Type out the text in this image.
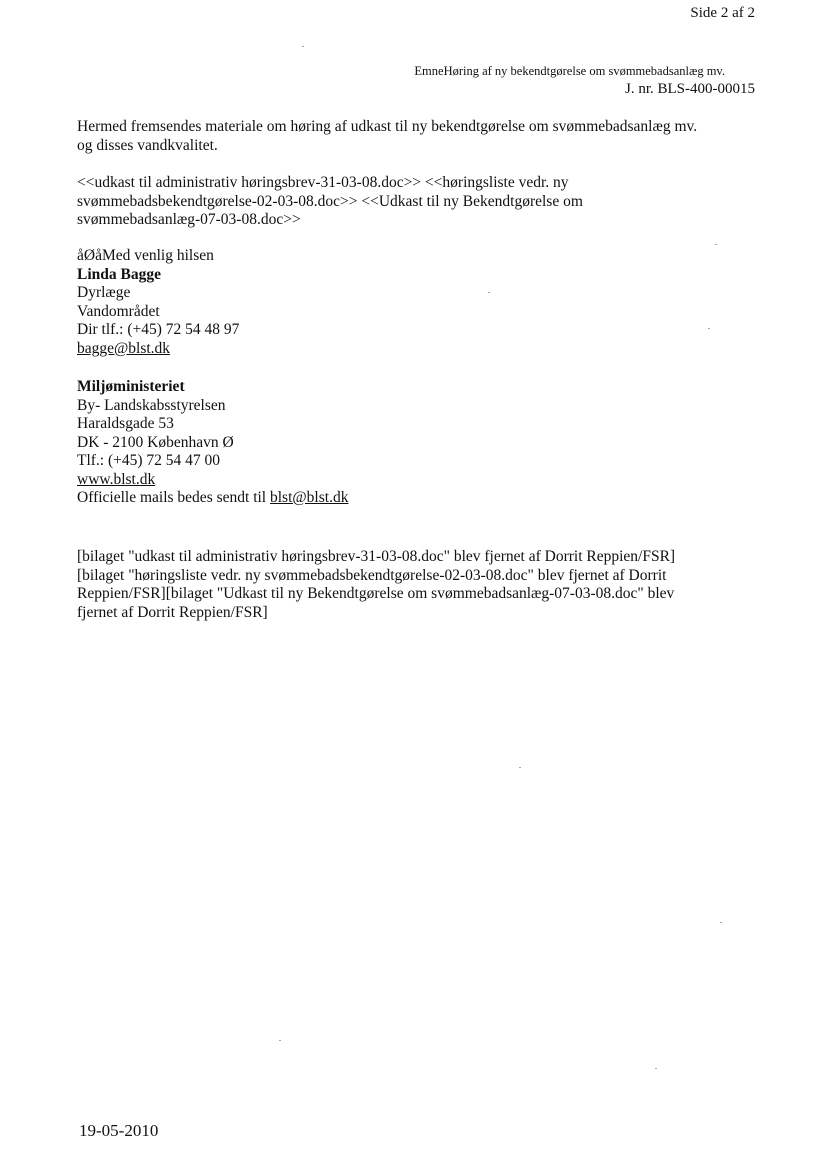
Side 2 af 2
EmneHøring af ny bekendtgørelse om svømmebadsanlæg mv.
J. nr. BLS-400-00015

Hermed fremsendes materiale om høring af udkast til ny bekendtgørelse om svømmebadsanlæg mv.

og disses vandkvalitet.

<<udkast til administrativ høringsbrev-31-03-08.doc>> <<høringsliste vedr. ny

svømmebadsbekendtgørelse-02-03-08.doc>> <<Udkast til ny Bekendtgørelse om

svømmebadsanlæg-07-03-08.doc>>

åØåMed venlig hilsen

Linda Bagge

Dyrlæge

Vandområdet

Dir tlf.: (+45) 72 54 48 97

bagge@blst.dk

Miljøministeriet

By- Landskabsstyrelsen

Haraldsgade 53

DK - 2100 København Ø

Tlf.: (+45) 72 54 47 00

www.blst.dk

Officielle mails bedes sendt til blst@blst.dk

[bilaget "udkast til administrativ høringsbrev-31-03-08.doc" blev fjernet af Dorrit Reppien/FSR]

[bilaget "høringsliste vedr. ny svømmebadsbekendtgørelse-02-03-08.doc" blev fjernet af Dorrit

Reppien/FSR][bilaget "Udkast til ny Bekendtgørelse om svømmebadsanlæg-07-03-08.doc" blev

fjernet af Dorrit Reppien/FSR]

19-05-2010
